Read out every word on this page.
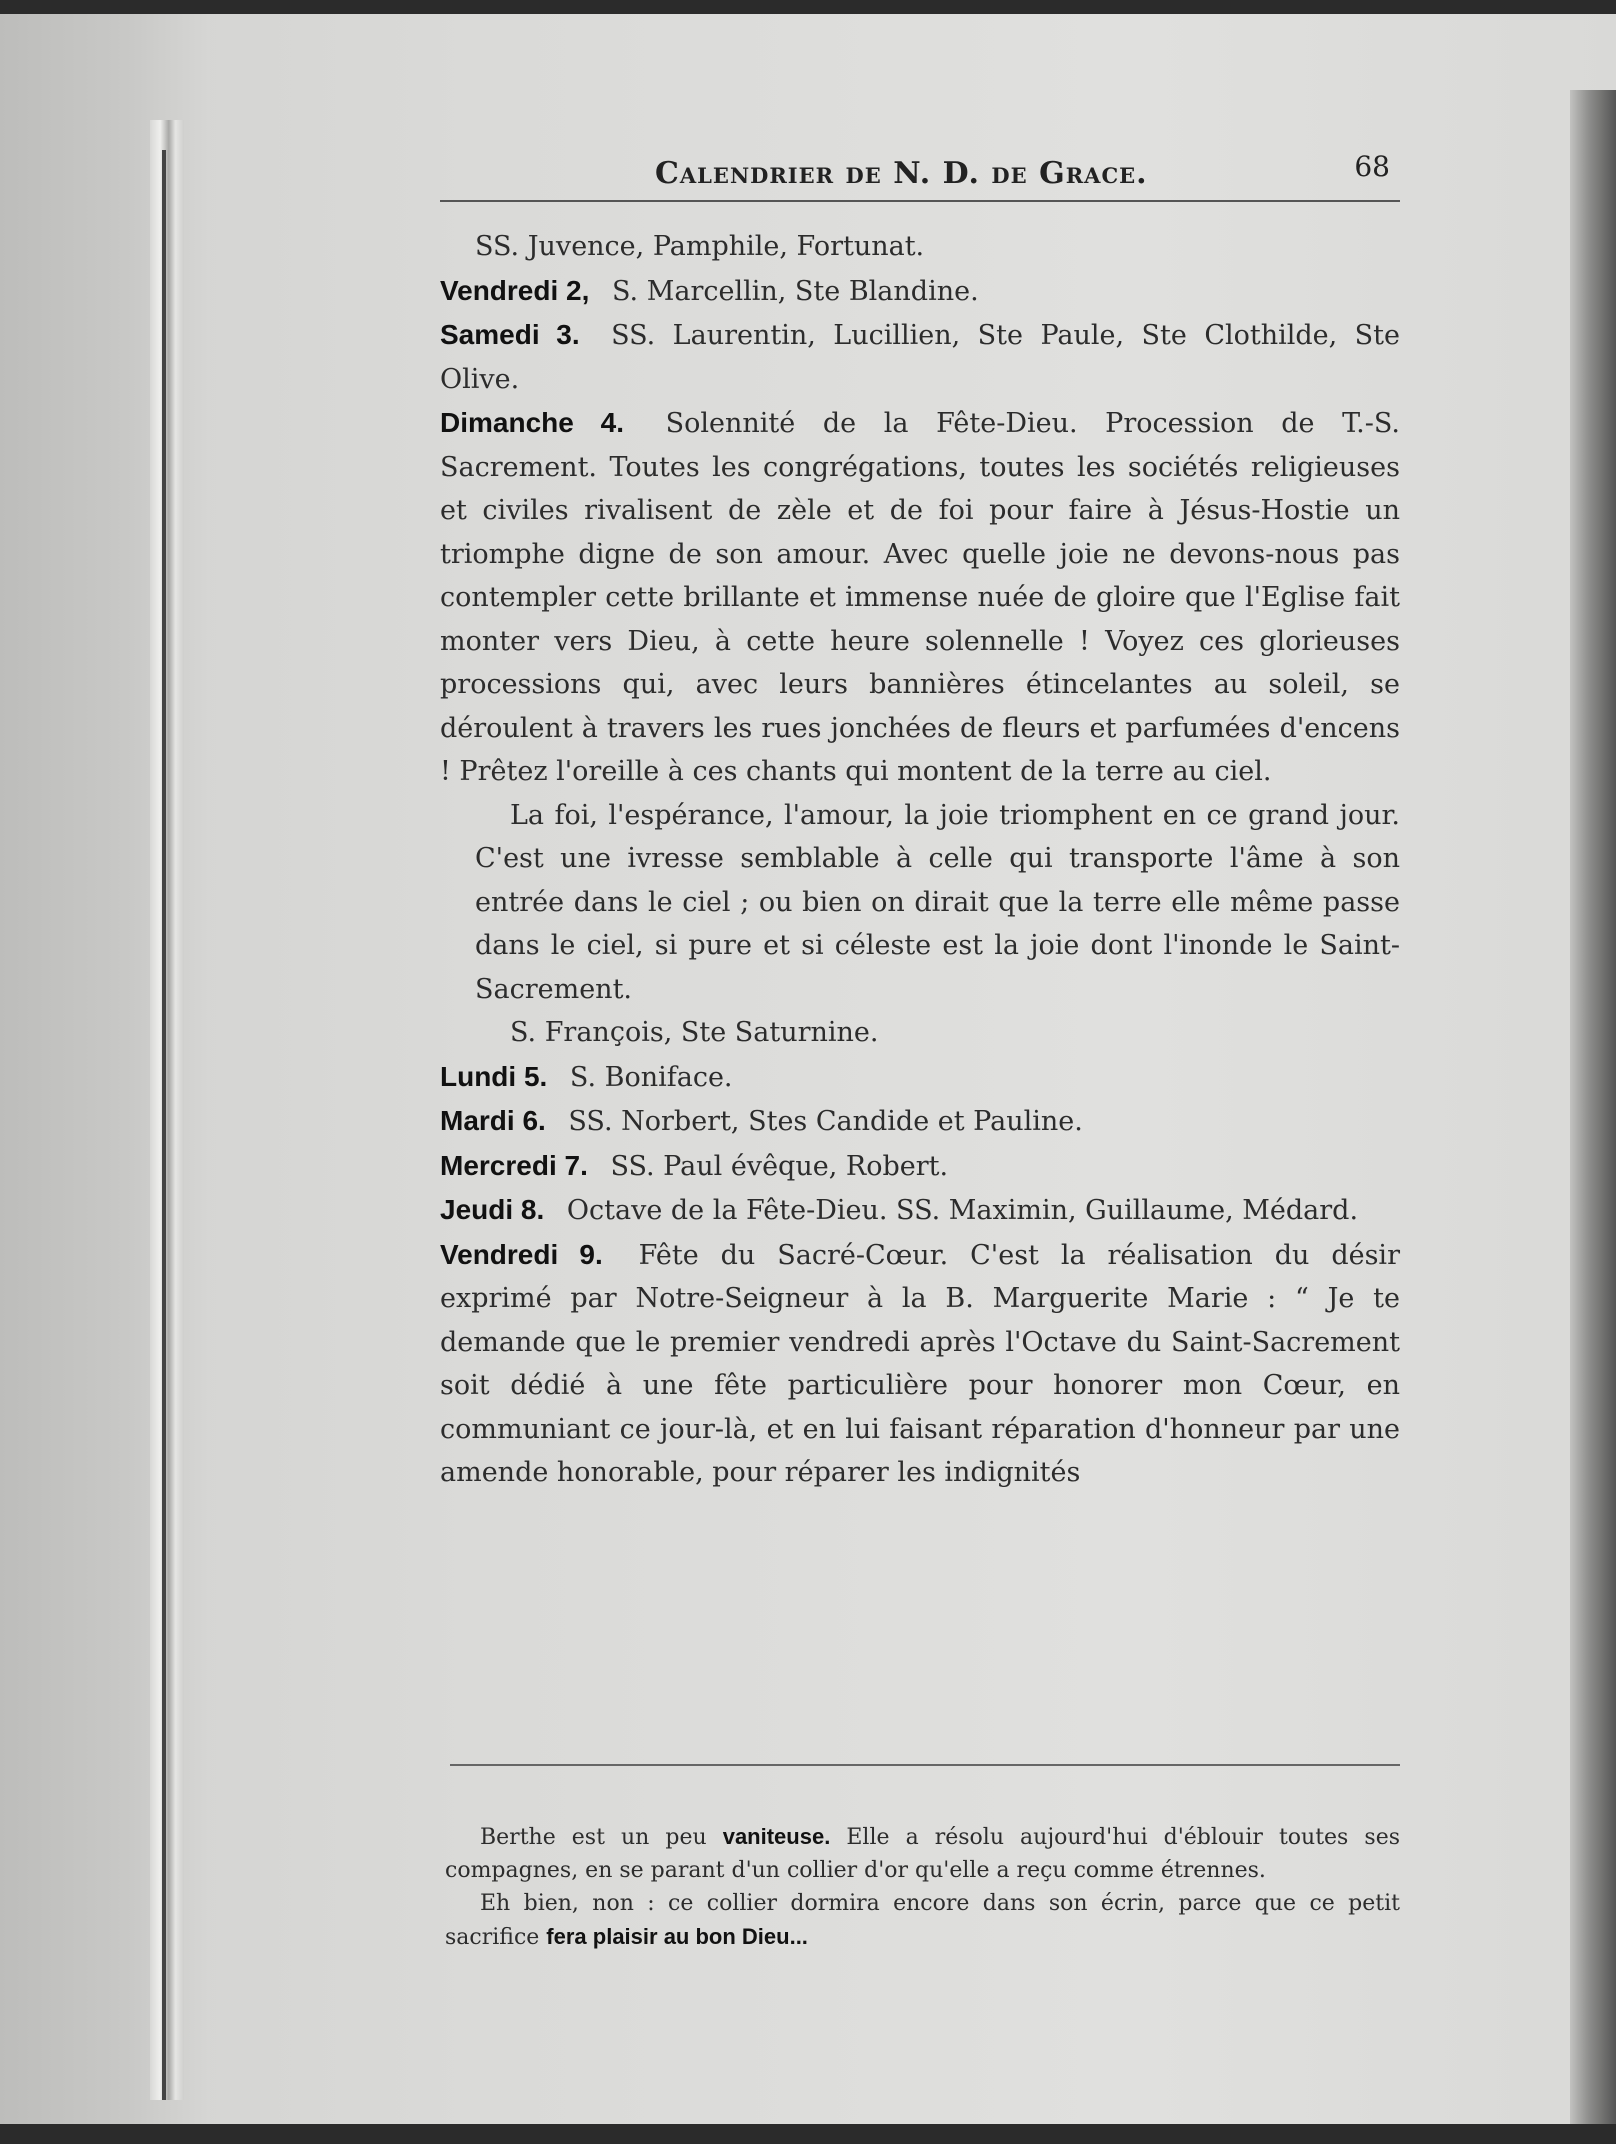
Calendrier de N. D. de Grace.	68

SS. Juvence, Pamphile, Fortunat.

Vendredi 2, S. Marcellin, Ste Blandine.

Samedi 3. SS. Laurentin, Lucillien, Ste Paule, Ste Clothilde, Ste Olive.

Dimanche 4. Solennité de la Fête-Dieu. Procession de T.-S. Sacrement. Toutes les congrégations, toutes les sociétés religieuses et civiles rivalisent de zèle et de foi pour faire à Jésus-Hostie un triomphe digne de son amour. Avec quelle joie ne devons-nous pas contempler cette brillante et immense nuée de gloire que l'Eglise fait monter vers Dieu, à cette heure solennelle ! Voyez ces glorieuses processions qui, avec leurs bannières étincelantes au soleil, se déroulent à travers les rues jonchées de fleurs et parfumées d'encens ! Prêtez l'oreille à ces chants qui montent de la terre au ciel.

La foi, l'espérance, l'amour, la joie triomphent en ce grand jour. C'est une ivresse semblable à celle qui transporte l'âme à son entrée dans le ciel ; ou bien on dirait que la terre elle même passe dans le ciel, si pure et si céleste est la joie dont l'inonde le Saint-Sacrement.

S. François, Ste Saturnine.

Lundi 5. S. Boniface.

Mardi 6. SS. Norbert, Stes Candide et Pauline.

Mercredi 7. SS. Paul évêque, Robert.

Jeudi 8. Octave de la Fête-Dieu. SS. Maximin, Guillaume, Médard.

Vendredi 9. Fête du Sacré-Cœur. C'est la réalisation du désir exprimé par Notre-Seigneur à la B. Marguerite Marie : “ Je te demande que le premier vendredi après l'Octave du Saint-Sacrement soit dédié à une fête particulière pour honorer mon Cœur, en communiant ce jour-là, et en lui faisant réparation d'honneur par une amende honorable, pour réparer les indignités

Berthe est un peu vaniteuse. Elle a résolu aujourd'hui d'éblouir toutes ses compagnes, en se parant d'un collier d'or qu'elle a reçu comme étrennes.
Eh bien, non : ce collier dormira encore dans son écrin, parce que ce petit sacrifice fera plaisir au bon Dieu...
